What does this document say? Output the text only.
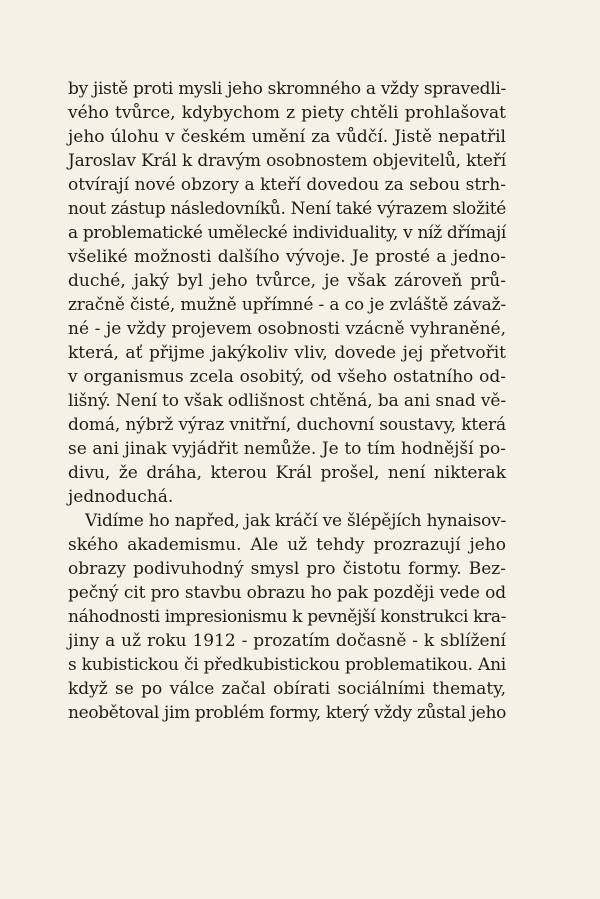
by jistě proti mysli jeho skromného a vždy spravedli-
vého tvůrce, kdybychom z piety chtěli prohlašovat
jeho úlohu v českém umění za vůdčí. Jistě nepatřil
Jaroslav Král k dravým osobnostem objevitelů, kteří
otvírají nové obzory a kteří dovedou za sebou strh-
nout zástup následovníků. Není také výrazem složité
a problematické umělecké individuality, v níž dřímají
všeliké možnosti dalšího vývoje. Je prosté a jedno-
duché, jaký byl jeho tvůrce, je však zároveň prů-
zračně čisté, mužně upřímné - a co je zvláště závaž-
né - je vždy projevem osobnosti vzácně vyhraněné,
která, ať přijme jakýkoliv vliv, dovede jej přetvořit
v organismus zcela osobitý, od všeho ostatního od-
lišný. Není to však odlišnost chtěná, ba ani snad vě-
domá, nýbrž výraz vnitřní, duchovní soustavy, která
se ani jinak vyjádřit nemůže. Je to tím hodnější po-
divu, že dráha, kterou Král prošel, není nikterak
jednoduchá.
Vidíme ho napřed, jak kráčí ve šlépějích hynaisov-
ského akademismu. Ale už tehdy prozrazují jeho
obrazy podivuhodný smysl pro čistotu formy. Bez-
pečný cit pro stavbu obrazu ho pak později vede od
náhodnosti impresionismu k pevnější konstrukci kra-
jiny a už roku 1912 - prozatím dočasně - k sblížení
s kubistickou či předkubistickou problematikou. Ani
když se po válce začal obírati sociálními thematy,
neobětoval jim problém formy, který vždy zůstal jeho
